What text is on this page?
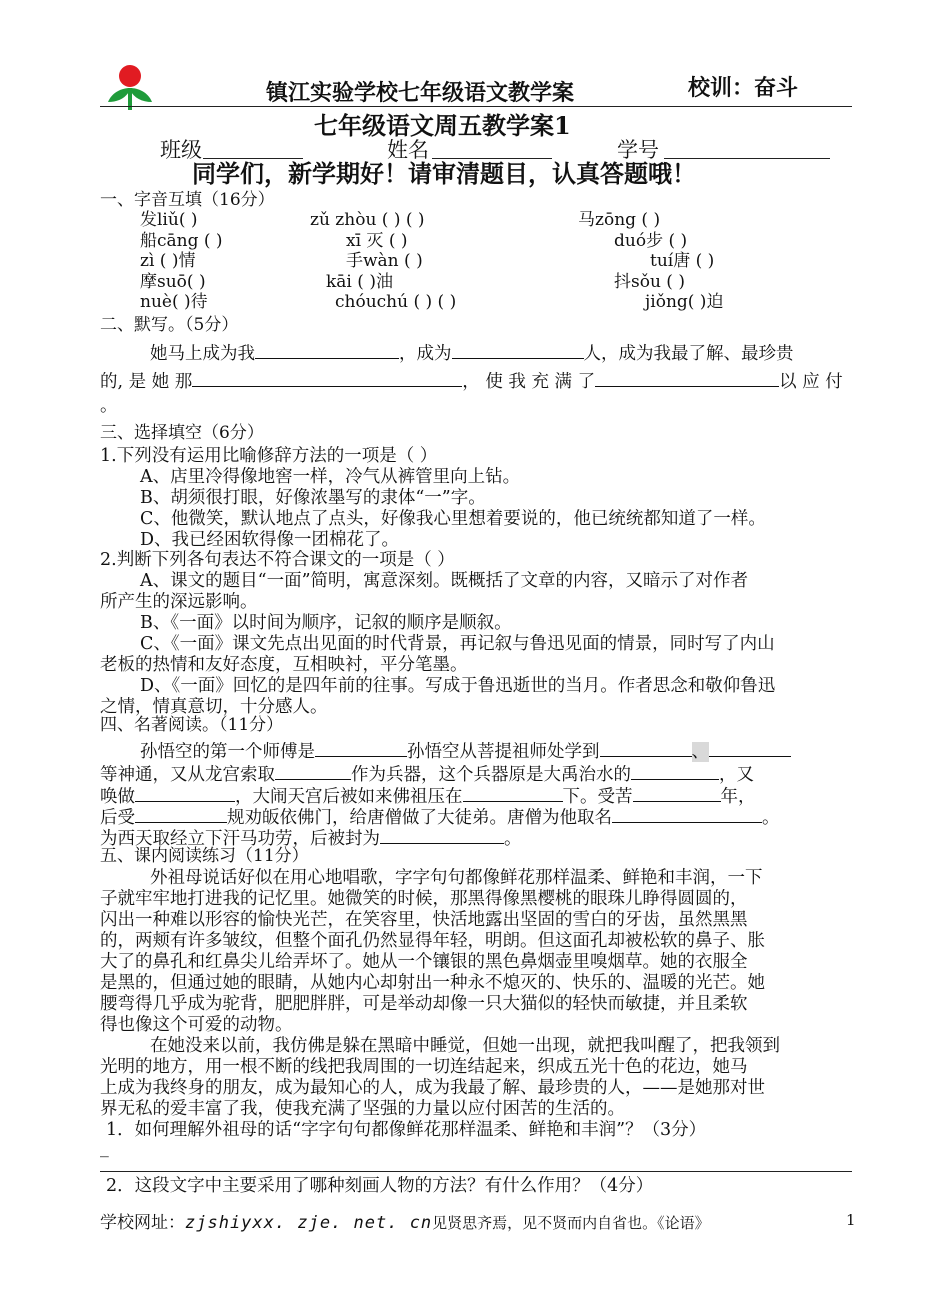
镇江实验学校七年级语文教学案	校训：奋斗
七年级语文周五教学案1
班级	姓名	学号
同学们，新学期好！请审清题目，认真答题哦！
一、字音互填（16分）
发liǔ( )	zǔ zhòu ( ) ( )	马zōng ( )
船cāng ( )	xī 灭 ( )	duó步 ( )
zì ( )情	手wàn ( )	tuí唐 ( )
摩suō( )	kāi ( )油	抖sǒu ( )
nuè( )待	chóuchú ( ) ( )	jiǒng( )迫
二、默写。（5分）
她马上成为我	，成为	人，成为我最了解、最珍贵
的, 是 她 那	， 使 我 充 满 了	以 应 付
。
三、选择填空（6分）
1.下列没有运用比喻修辞方法的一项是（ ）
A、店里冷得像地窖一样，冷气从裤管里向上钻。
B、胡须很打眼，好像浓墨写的隶体“一”字。
C、他微笑，默认地点了点头，好像我心里想着要说的，他已统统都知道了一样。
D、我已经困软得像一团棉花了。
2.判断下列各句表达不符合课文的一项是（ ）
A、课文的题目“一面”简明，寓意深刻。既概括了文章的内容，又暗示了对作者
所产生的深远影响。
B、《一面》以时间为顺序，记叙的顺序是顺叙。
C、《一面》课文先点出见面的时代背景，再记叙与鲁迅见面的情景，同时写了内山
老板的热情和友好态度，互相映衬，平分笔墨。
D、《一面》回忆的是四年前的往事。写成于鲁迅逝世的当月。作者思念和敬仰鲁迅
之情，情真意切，十分感人。
四、名著阅读。（11分）
孙悟空的第一个师傅是	孙悟空从菩提祖师处学到	、
等神通，又从龙宫索取	作为兵器，这个兵器原是大禹治水的	，又
唤做	，大闹天宫后被如来佛祖压在	下。受苦	年，
后受	规劝皈依佛门，给唐僧做了大徒弟。唐僧为他取名	。
为西天取经立下汗马功劳，后被封为	。
五、课内阅读练习（11分）
外祖母说话好似在用心地唱歌，字字句句都像鲜花那样温柔、鲜艳和丰润，一下
子就牢牢地打进我的记忆里。她微笑的时候，那黑得像黑樱桃的眼珠儿睁得圆圆的，
闪出一种难以形容的愉快光芒，在笑容里，快活地露出坚固的雪白的牙齿，虽然黑黑
的，两颊有许多皱纹，但整个面孔仍然显得年轻，明朗。但这面孔却被松软的鼻子、胀
大了的鼻孔和红鼻尖儿给弄坏了。她从一个镶银的黑色鼻烟壶里嗅烟草。她的衣服全
是黑的，但通过她的眼睛，从她内心却射出一种永不熄灭的、快乐的、温暖的光芒。她
腰弯得几乎成为驼背，肥肥胖胖，可是举动却像一只大猫似的轻快而敏捷，并且柔软
得也像这个可爱的动物。
在她没来以前，我仿佛是躲在黑暗中睡觉，但她一出现，就把我叫醒了，把我领到
光明的地方，用一根不断的线把我周围的一切连结起来，织成五光十色的花边，她马
上成为我终身的朋友，成为最知心的人，成为我最了解、最珍贵的人，——是她那对世
界无私的爱丰富了我，使我充满了坚强的力量以应付困苦的生活的。
1．如何理解外祖母的话“字字句句都像鲜花那样温柔、鲜艳和丰润”？（3分）
_
2．这段文字中主要采用了哪种刻画人物的方法？有什么作用？（4分）
学校网址：zjshiyxx. zje. net. cn见贤思齐焉，见不贤而内自省也。《论语》	1
